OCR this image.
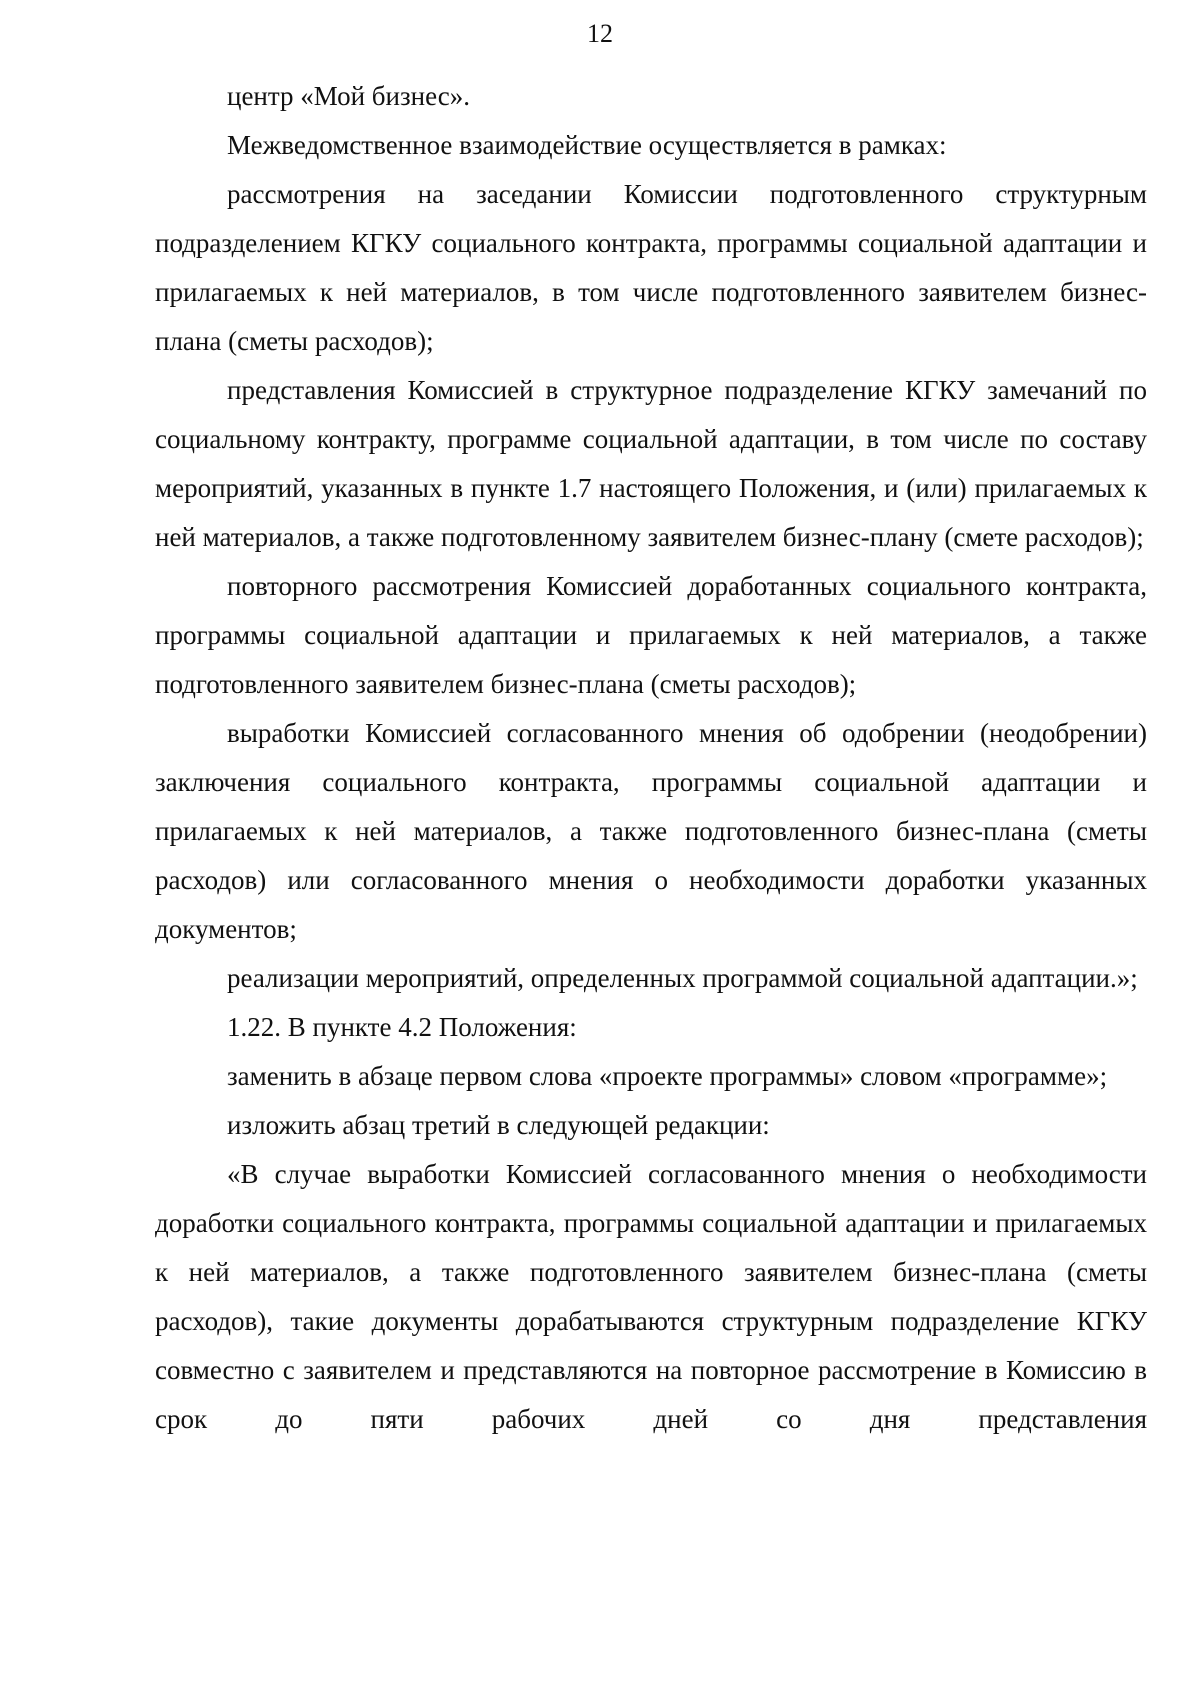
12

центр «Мой бизнес».

Межведомственное взаимодействие осуществляется в рамках:

рассмотрения на заседании Комиссии подготовленного структурным подразделением КГКУ социального контракта, программы социальной адаптации и прилагаемых к ней материалов, в том числе подготовленного заявителем бизнес-плана (сметы расходов);

представления Комиссией в структурное подразделение КГКУ замечаний по социальному контракту, программе социальной адаптации, в том числе по составу мероприятий, указанных в пункте 1.7 настоящего Положения, и (или) прилагаемых к ней материалов, а также подготовленному заявителем бизнес-плану (смете расходов);

повторного рассмотрения Комиссией доработанных социального контракта, программы социальной адаптации и прилагаемых к ней материалов, а также подготовленного заявителем бизнес-плана (сметы расходов);

выработки Комиссией согласованного мнения об одобрении (неодобрении) заключения социального контракта, программы социальной адаптации и прилагаемых к ней материалов, а также подготовленного бизнес-плана (сметы расходов) или согласованного мнения о необходимости доработки указанных документов;

реализации мероприятий, определенных программой социальной адаптации.»;

1.22. В пункте 4.2 Положения:

заменить в абзаце первом слова «проекте программы» словом «программе»;

изложить абзац третий в следующей редакции:

«В случае выработки Комиссией согласованного мнения о необходимости доработки социального контракта, программы социальной адаптации и прилагаемых к ней материалов, а также подготовленного заявителем бизнес-плана (сметы расходов), такие документы дорабатываются структурным подразделение КГКУ совместно с заявителем и представляются на повторное рассмотрение в Комиссию в срок до пяти рабочих дней со дня представления
